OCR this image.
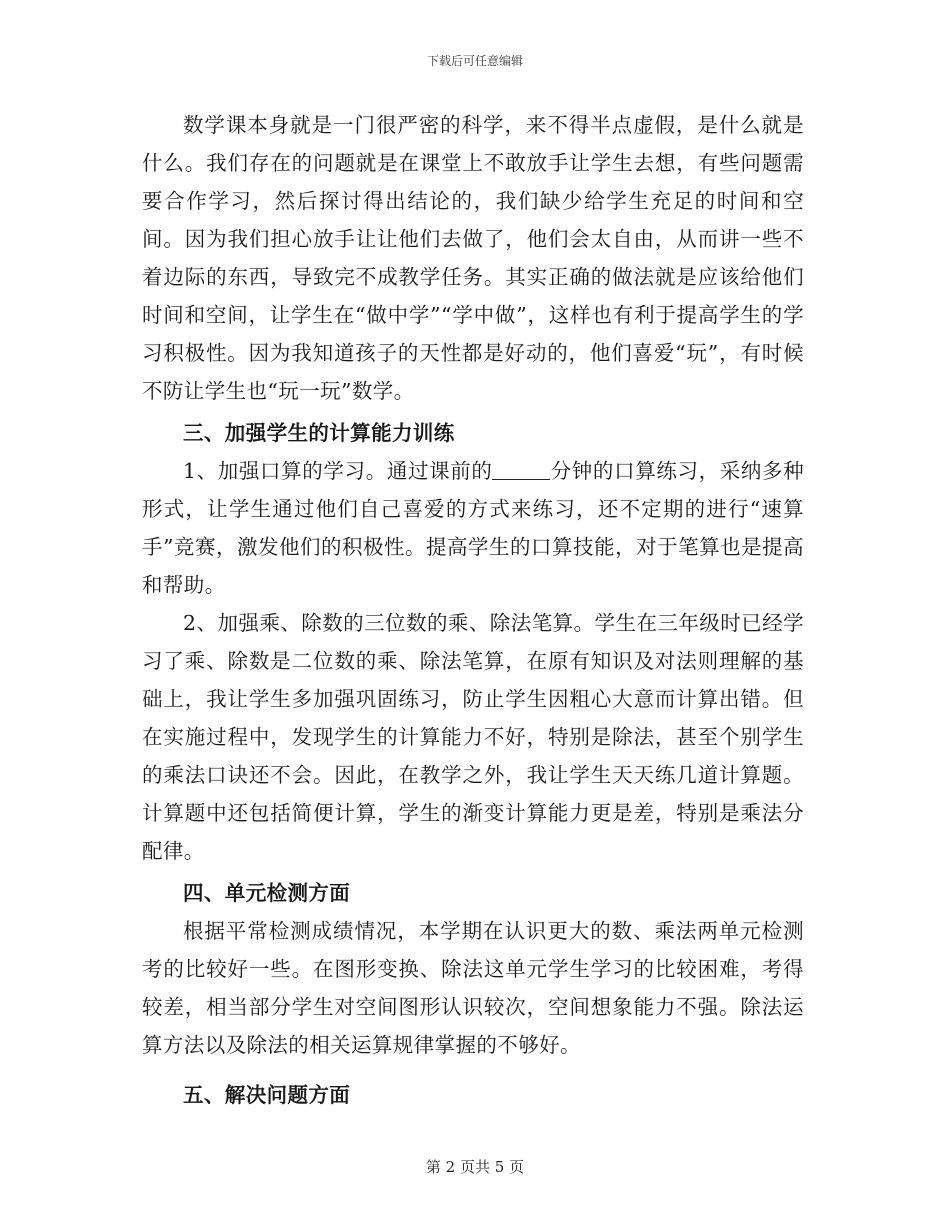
下载后可任意编辑

数学课本身就是一门很严密的科学，来不得半点虚假，是什么就是什么。我们存在的问题就是在课堂上不敢放手让学生去想，有些问题需要合作学习，然后探讨得出结论的，我们缺少给学生充足的时间和空间。因为我们担心放手让让他们去做了，他们会太自由，从而讲一些不着边际的东西，导致完不成教学任务。其实正确的做法就是应该给他们时间和空间，让学生在“做中学”“学中做”，这样也有利于提高学生的学习积极性。因为我知道孩子的天性都是好动的，他们喜爱“玩”，有时候不防让学生也“玩一玩”数学。

三、加强学生的计算能力训练

1、加强口算的学习。通过课前的	分钟的口算练习，采纳多种形式，让学生通过他们自己喜爱的方式来练习，还不定期的进行“速算手”竞赛，激发他们的积极性。提高学生的口算技能，对于笔算也是提高和帮助。

2、加强乘、除数的三位数的乘、除法笔算。学生在三年级时已经学习了乘、除数是二位数的乘、除法笔算，在原有知识及对法则理解的基础上，我让学生多加强巩固练习，防止学生因粗心大意而计算出错。但在实施过程中，发现学生的计算能力不好，特别是除法，甚至个别学生的乘法口诀还不会。因此，在教学之外，我让学生天天练几道计算题。计算题中还包括简便计算，学生的渐变计算能力更是差，特别是乘法分配律。

四、单元检测方面

根据平常检测成绩情况，本学期在认识更大的数、乘法两单元检测考的比较好一些。在图形变换、除法这单元学生学习的比较困难，考得较差，相当部分学生对空间图形认识较次，空间想象能力不强。除法运算方法以及除法的相关运算规律掌握的不够好。

五、解决问题方面

第 2 页共 5 页
